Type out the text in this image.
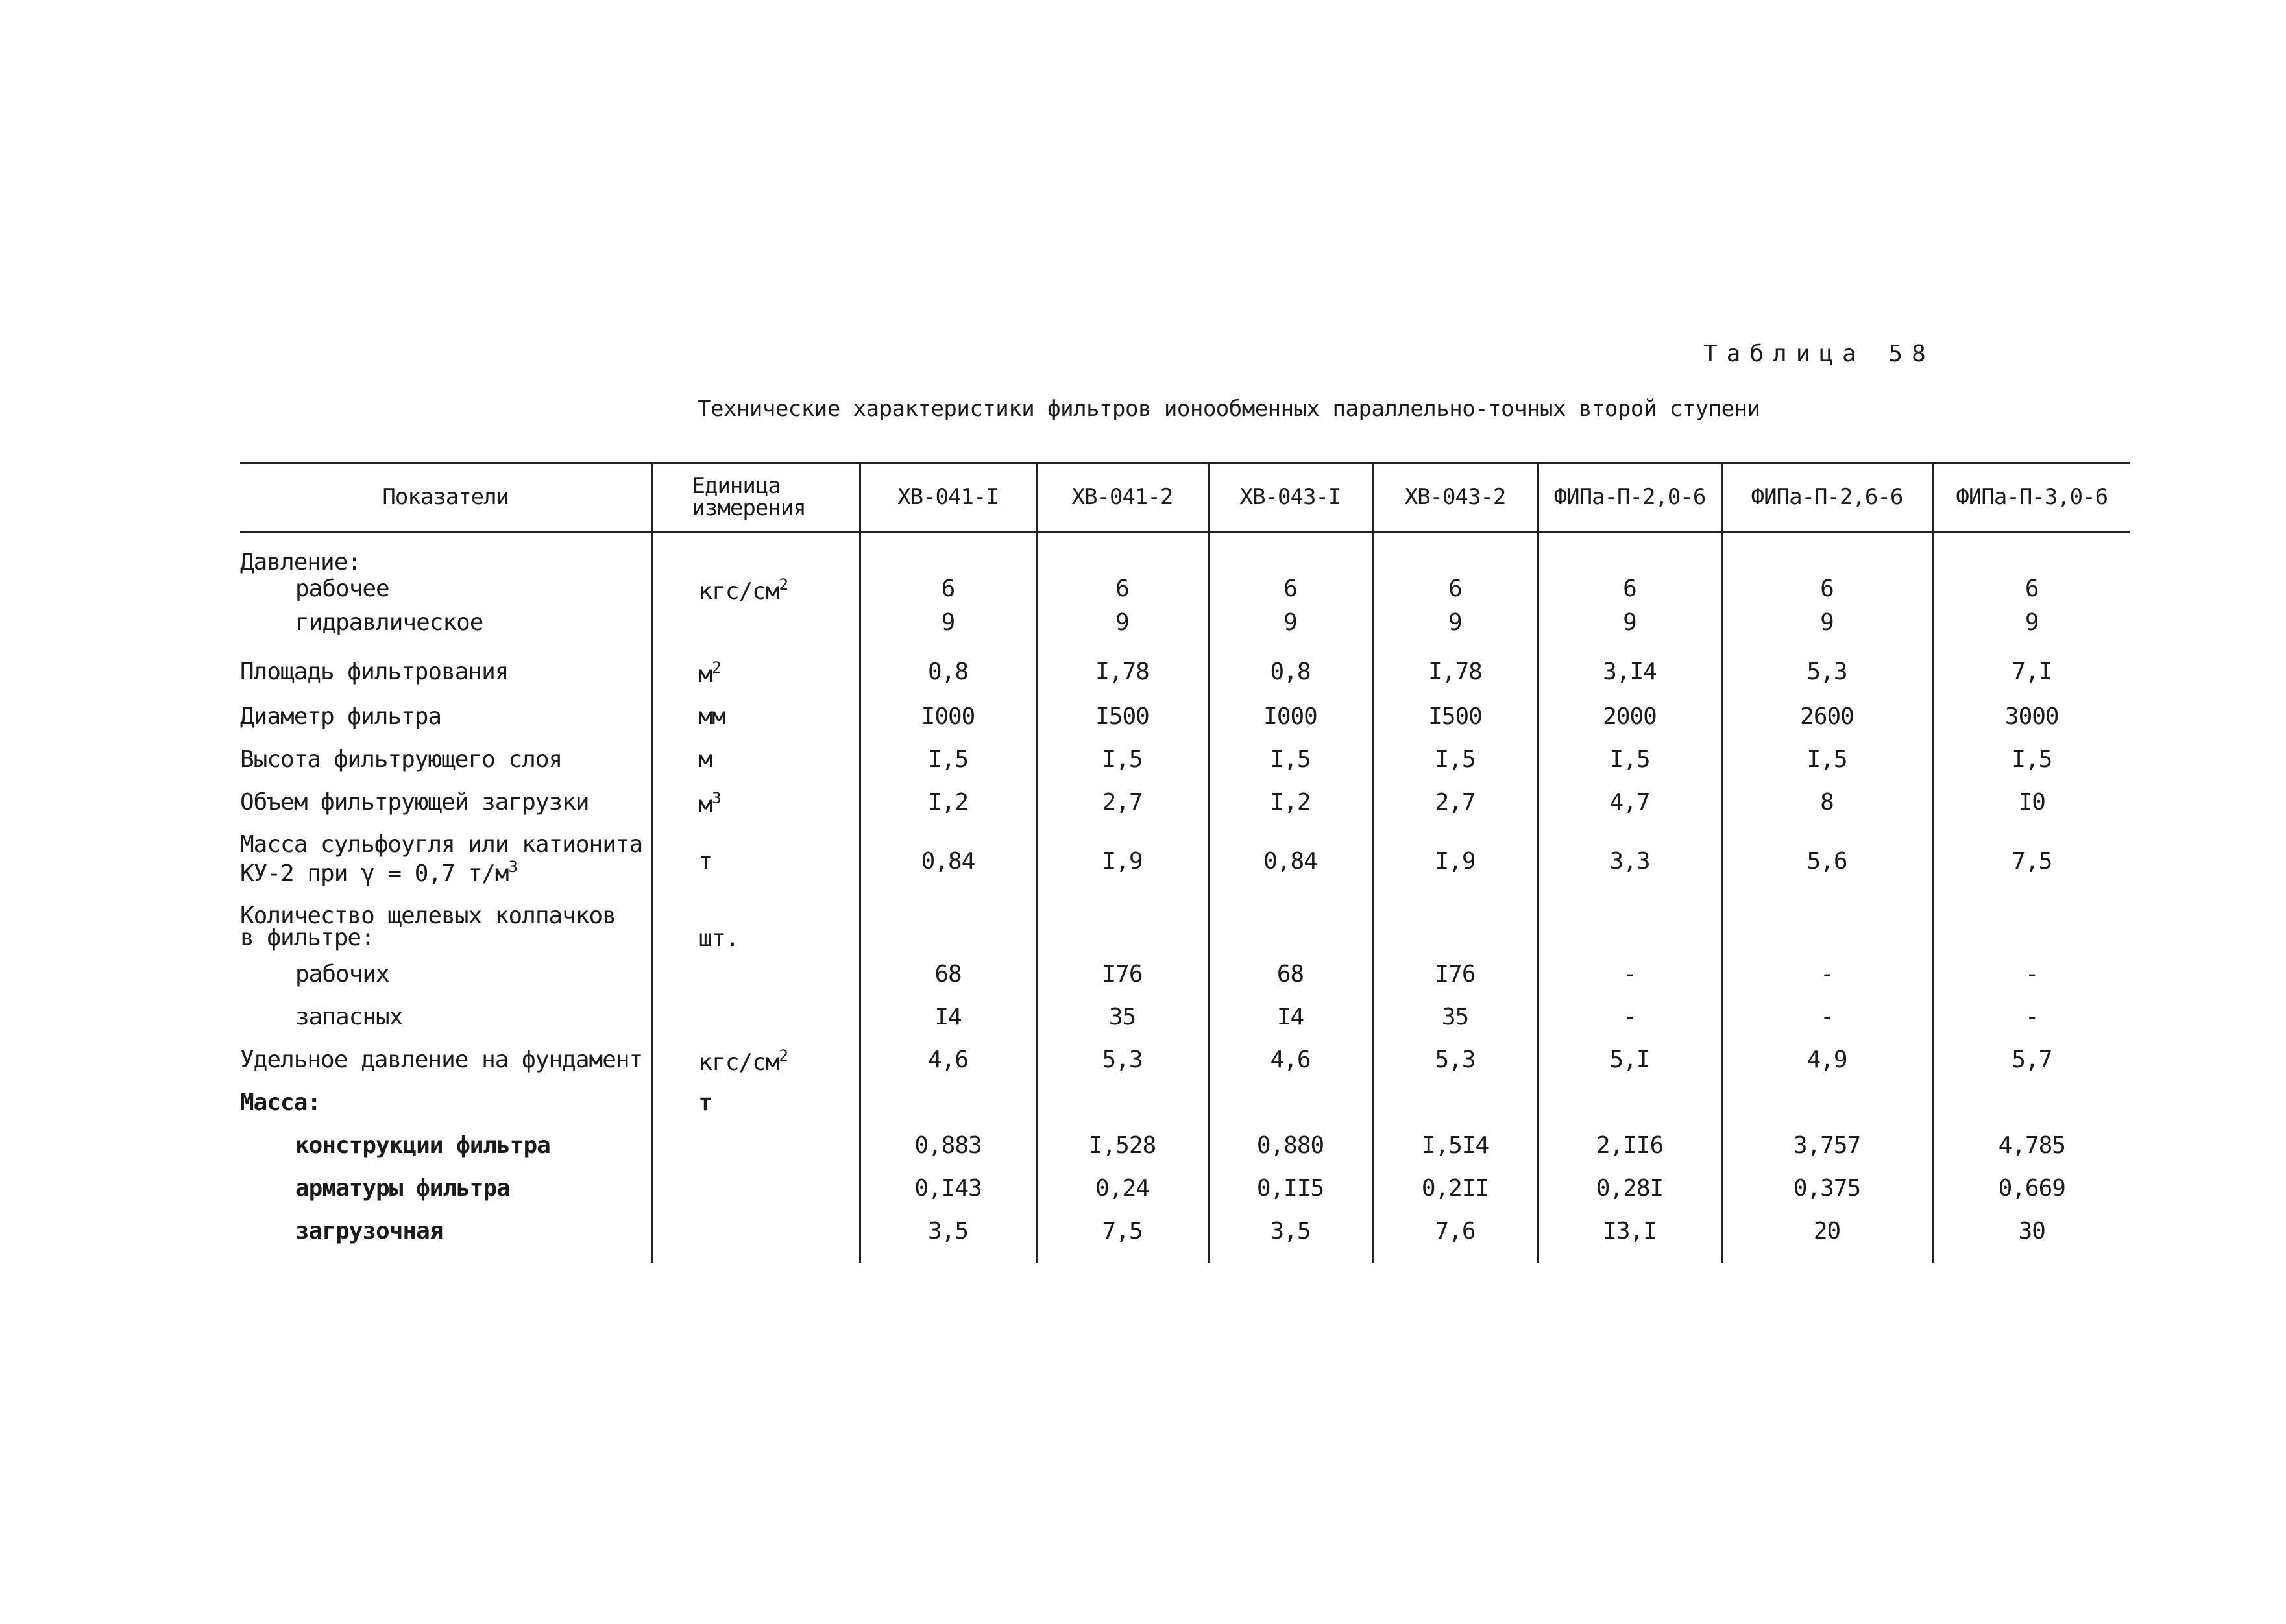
Таблица 58
Технические характеристики фильтров ионообменных параллельно-точных второй ступени
Показатели	Единица измерения	ХВ-041-I	ХВ-041-2	ХВ-043-I	ХВ-043-2	ФИПа-П-2,0-6	ФИПа-П-2,6-6	ФИПа-П-3,0-6
Давление:								
рабочее	кгс/$см^2$	6	6	6	6	6	6	6
гидравлическое		9	9	9	9	9	9	9
Площадь фильтрования	$м^2$	0,8	I,78	0,8	I,78	3,I4	5,3	7,I
Диаметр фильтра	мм	I000	I500	I000	I500	2000	2600	3000
Высота фильтрующего слоя	м	I,5	I,5	I,5	I,5	I,5	I,5	I,5
Объем фильтрующей загрузки	$м^3$	I,2	2,7	I,2	2,7	4,7	8	I0

Масса сульфоугля или катионита
КУ-2 при γ = 0,7 $т/м^3$	т	0,84	I,9	0,84	I,9	3,3	5,6	7,5

Количество щелевых колпачков
в фильтре:	шт.							
рабочих		68	I76	68	I76	-	-	-
запасных		I4	35	I4	35	-	-	-
Удельное давление на фундамент	кгс/$см^2$	4,6	5,3	4,6	5,3	5,I	4,9	5,7
Масса:	т							
конструкции фильтра		0,883	I,528	0,880	I,5I4	2,II6	3,757	4,785
арматуры фильтра		0,I43	0,24	0,II5	0,2II	0,28I	0,375	0,669
загрузочная		3,5	7,5	3,5	7,6	I3,I	20	30
